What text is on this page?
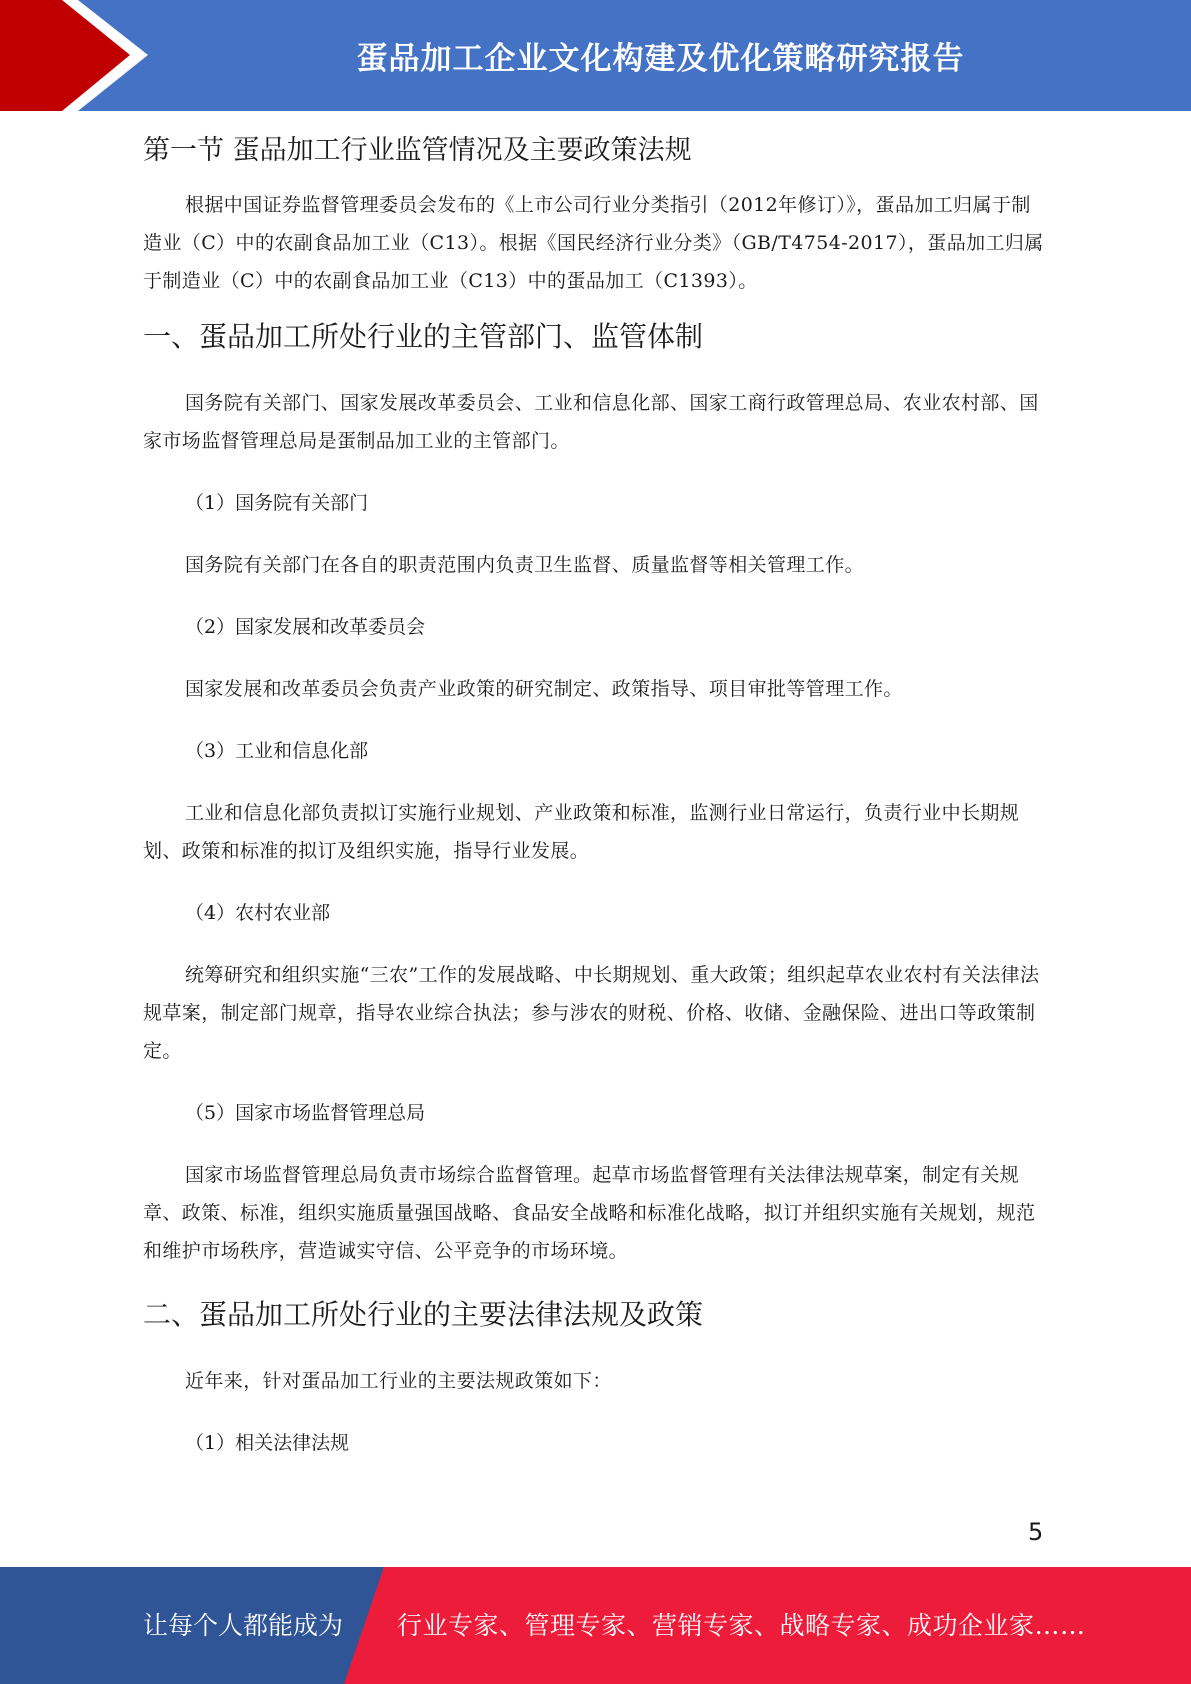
蛋品加工企业文化构建及优化策略研究报告
第一节 蛋品加工行业监管情况及主要政策法规

根据中国证券监督管理委员会发布的《上市公司行业分类指引（2012年修订）》，蛋品加工归属于制造业（C）中的农副食品加工业（C13）。根据《国民经济行业分类》（GB/T4754-2017），蛋品加工归属于制造业（C）中的农副食品加工业（C13）中的蛋品加工（C1393）。

一、蛋品加工所处行业的主管部门、监管体制

国务院有关部门、国家发展改革委员会、工业和信息化部、国家工商行政管理总局、农业农村部、国家市场监督管理总局是蛋制品加工业的主管部门。

（1）国务院有关部门

国务院有关部门在各自的职责范围内负责卫生监督、质量监督等相关管理工作。

（2）国家发展和改革委员会

国家发展和改革委员会负责产业政策的研究制定、政策指导、项目审批等管理工作。

（3）工业和信息化部

工业和信息化部负责拟订实施行业规划、产业政策和标准，监测行业日常运行，负责行业中长期规划、政策和标准的拟订及组织实施，指导行业发展。

（4）农村农业部

统筹研究和组织实施“三农”工作的发展战略、中长期规划、重大政策；组织起草农业农村有关法律法规草案，制定部门规章，指导农业综合执法；参与涉农的财税、价格、收储、金融保险、进出口等政策制定。

（5）国家市场监督管理总局

国家市场监督管理总局负责市场综合监督管理。起草市场监督管理有关法律法规草案，制定有关规章、政策、标准，组织实施质量强国战略、食品安全战略和标准化战略，拟订并组织实施有关规划，规范和维护市场秩序，营造诚实守信、公平竞争的市场环境。

二、蛋品加工所处行业的主要法律法规及政策

近年来，针对蛋品加工行业的主要法规政策如下：

（1）相关法律法规

5
让每个人都能成为 行业专家、管理专家、营销专家、战略专家、成功企业家……
